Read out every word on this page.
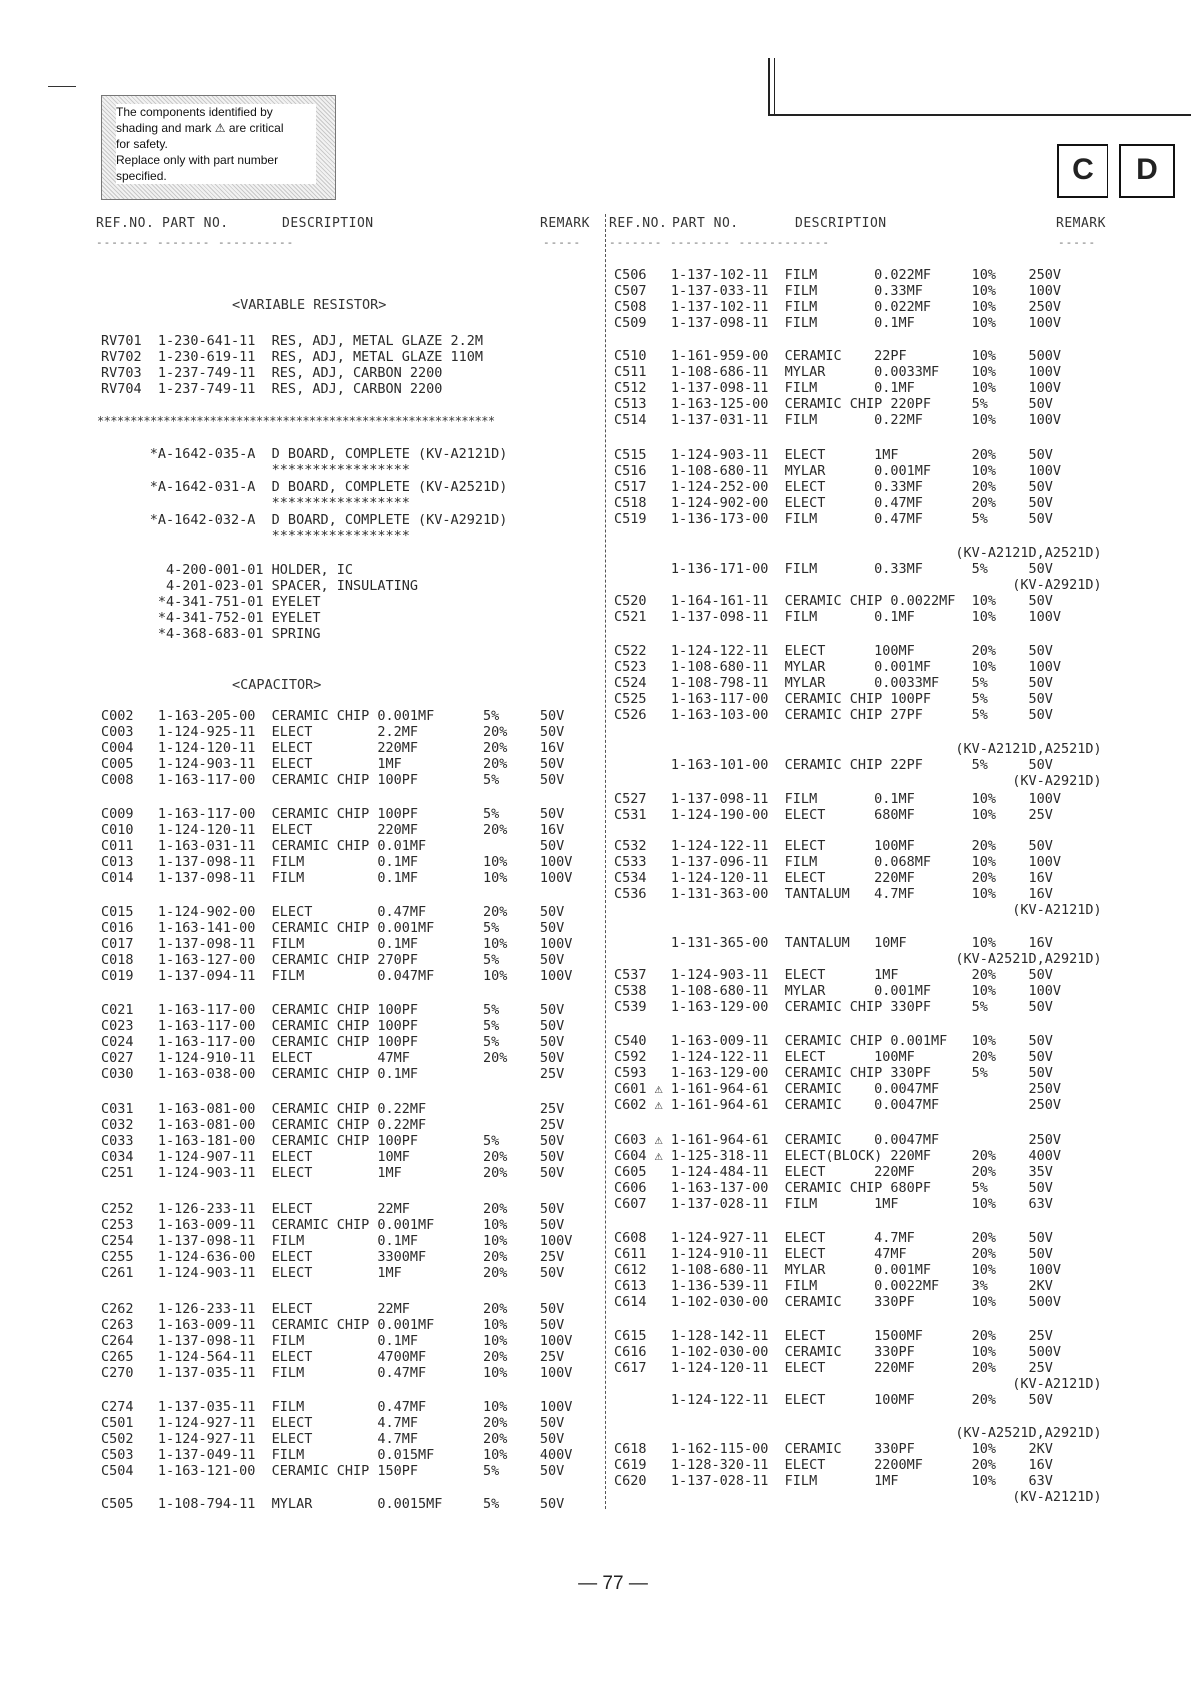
The components identified by
shading and mark ⚠ are critical
for safety.
Replace only with part number
specified.	C	D
REF.NO. PART NO.	DESCRIPTION	REMARK REF.NO. PART NO.	DESCRIPTION	REMARK
------- ------- ----------	-----	------- -------- ------------	-----
<VARIABLE RESISTOR>
************************************************************
<CAPACITOR>
— 77 —
RV701  1-230-641-11  RES, ADJ, METAL GLAZE 2.2M
RV702  1-230-619-11  RES, ADJ, METAL GLAZE 110M
RV703  1-237-749-11  RES, ADJ, CARBON 2200
RV704  1-237-749-11  RES, ADJ, CARBON 2200
*A-1642-035-A  D BOARD, COMPLETE (KV-A2121D)
*****************
*A-1642-031-A  D BOARD, COMPLETE (KV-A2521D)
*****************
*A-1642-032-A  D BOARD, COMPLETE (KV-A2921D)
*****************
4-200-001-01 HOLDER, IC
4-201-023-01 SPACER, INSULATING
*4-341-751-01 EYELET
*4-341-752-01 EYELET
*4-368-683-01 SPRING
C002   1-163-205-00  CERAMIC CHIP 0.001MF      5%     50V
C003   1-124-925-11  ELECT        2.2MF        20%    50V
C004   1-124-120-11  ELECT        220MF        20%    16V
C005   1-124-903-11  ELECT        1MF          20%    50V
C008   1-163-117-00  CERAMIC CHIP 100PF        5%     50V
C009   1-163-117-00  CERAMIC CHIP 100PF        5%     50V
C010   1-124-120-11  ELECT        220MF        20%    16V
C011   1-163-031-11  CERAMIC CHIP 0.01MF              50V
C013   1-137-098-11  FILM         0.1MF        10%    100V
C014   1-137-098-11  FILM         0.1MF        10%    100V
C015   1-124-902-00  ELECT        0.47MF       20%    50V
C016   1-163-141-00  CERAMIC CHIP 0.001MF      5%     50V
C017   1-137-098-11  FILM         0.1MF        10%    100V
C018   1-163-127-00  CERAMIC CHIP 270PF        5%     50V
C019   1-137-094-11  FILM         0.047MF      10%    100V
C021   1-163-117-00  CERAMIC CHIP 100PF        5%     50V
C023   1-163-117-00  CERAMIC CHIP 100PF        5%     50V
C024   1-163-117-00  CERAMIC CHIP 100PF        5%     50V
C027   1-124-910-11  ELECT        47MF         20%    50V
C030   1-163-038-00  CERAMIC CHIP 0.1MF               25V
C031   1-163-081-00  CERAMIC CHIP 0.22MF              25V
C032   1-163-081-00  CERAMIC CHIP 0.22MF              25V
C033   1-163-181-00  CERAMIC CHIP 100PF        5%     50V
C034   1-124-907-11  ELECT        10MF         20%    50V
C251   1-124-903-11  ELECT        1MF          20%    50V
C252   1-126-233-11  ELECT        22MF         20%    50V
C253   1-163-009-11  CERAMIC CHIP 0.001MF      10%    50V
C254   1-137-098-11  FILM         0.1MF        10%    100V
C255   1-124-636-00  ELECT        3300MF       20%    25V
C261   1-124-903-11  ELECT        1MF          20%    50V
C262   1-126-233-11  ELECT        22MF         20%    50V
C263   1-163-009-11  CERAMIC CHIP 0.001MF      10%    50V
C264   1-137-098-11  FILM         0.1MF        10%    100V
C265   1-124-564-11  ELECT        4700MF       20%    25V
C270   1-137-035-11  FILM         0.47MF       10%    100V
C274   1-137-035-11  FILM         0.47MF       10%    100V
C501   1-124-927-11  ELECT        4.7MF        20%    50V
C502   1-124-927-11  ELECT        4.7MF        20%    50V
C503   1-137-049-11  FILM         0.015MF      10%    400V
C504   1-163-121-00  CERAMIC CHIP 150PF        5%     50V
C505   1-108-794-11  MYLAR        0.0015MF     5%     50V
C506   1-137-102-11  FILM       0.022MF     10%    250V
C507   1-137-033-11  FILM       0.33MF      10%    100V
C508   1-137-102-11  FILM       0.022MF     10%    250V
C509   1-137-098-11  FILM       0.1MF       10%    100V
C510   1-161-959-00  CERAMIC    22PF        10%    500V
C511   1-108-686-11  MYLAR      0.0033MF    10%    100V
C512   1-137-098-11  FILM       0.1MF       10%    100V
C513   1-163-125-00  CERAMIC CHIP 220PF     5%     50V
C514   1-137-031-11  FILM       0.22MF      10%    100V
C515   1-124-903-11  ELECT      1MF         20%    50V
C516   1-108-680-11  MYLAR      0.001MF     10%    100V
C517   1-124-252-00  ELECT      0.33MF      20%    50V
C518   1-124-902-00  ELECT      0.47MF      20%    50V
C519   1-136-173-00  FILM       0.47MF      5%     50V
(KV-A2121D,A2521D)
1-136-171-00  FILM       0.33MF      5%     50V
(KV-A2921D)
C520   1-164-161-11  CERAMIC CHIP 0.0022MF  10%    50V
C521   1-137-098-11  FILM       0.1MF       10%    100V
C522   1-124-122-11  ELECT      100MF       20%    50V
C523   1-108-680-11  MYLAR      0.001MF     10%    100V
C524   1-108-798-11  MYLAR      0.0033MF    5%     50V
C525   1-163-117-00  CERAMIC CHIP 100PF     5%     50V
C526   1-163-103-00  CERAMIC CHIP 27PF      5%     50V
(KV-A2121D,A2521D)
1-163-101-00  CERAMIC CHIP 22PF      5%     50V
(KV-A2921D)
C527   1-137-098-11  FILM       0.1MF       10%    100V
C531   1-124-190-00  ELECT      680MF       10%    25V
C532   1-124-122-11  ELECT      100MF       20%    50V
C533   1-137-096-11  FILM       0.068MF     10%    100V
C534   1-124-120-11  ELECT      220MF       20%    16V
C536   1-131-363-00  TANTALUM   4.7MF       10%    16V
(KV-A2121D)
1-131-365-00  TANTALUM   10MF        10%    16V
(KV-A2521D,A2921D)
C537   1-124-903-11  ELECT      1MF         20%    50V
C538   1-108-680-11  MYLAR      0.001MF     10%    100V
C539   1-163-129-00  CERAMIC CHIP 330PF     5%     50V
C540   1-163-009-11  CERAMIC CHIP 0.001MF   10%    50V
C592   1-124-122-11  ELECT      100MF       20%    50V
C593   1-163-129-00  CERAMIC CHIP 330PF     5%     50V
C601 ⚠ 1-161-964-61  CERAMIC    0.0047MF           250V
C602 ⚠ 1-161-964-61  CERAMIC    0.0047MF           250V
C603 ⚠ 1-161-964-61  CERAMIC    0.0047MF           250V
C604 ⚠ 1-125-318-11  ELECT(BLOCK) 220MF     20%    400V
C605   1-124-484-11  ELECT      220MF       20%    35V
C606   1-163-137-00  CERAMIC CHIP 680PF     5%     50V
C607   1-137-028-11  FILM       1MF         10%    63V
C608   1-124-927-11  ELECT      4.7MF       20%    50V
C611   1-124-910-11  ELECT      47MF        20%    50V
C612   1-108-680-11  MYLAR      0.001MF     10%    100V
C613   1-136-539-11  FILM       0.0022MF    3%     2KV
C614   1-102-030-00  CERAMIC    330PF       10%    500V
C615   1-128-142-11  ELECT      1500MF      20%    25V
C616   1-102-030-00  CERAMIC    330PF       10%    500V
C617   1-124-120-11  ELECT      220MF       20%    25V
(KV-A2121D)
1-124-122-11  ELECT      100MF       20%    50V
(KV-A2521D,A2921D)
C618   1-162-115-00  CERAMIC    330PF       10%    2KV
C619   1-128-320-11  ELECT      2200MF      20%    16V
C620   1-137-028-11  FILM       1MF         10%    63V
(KV-A2121D)
